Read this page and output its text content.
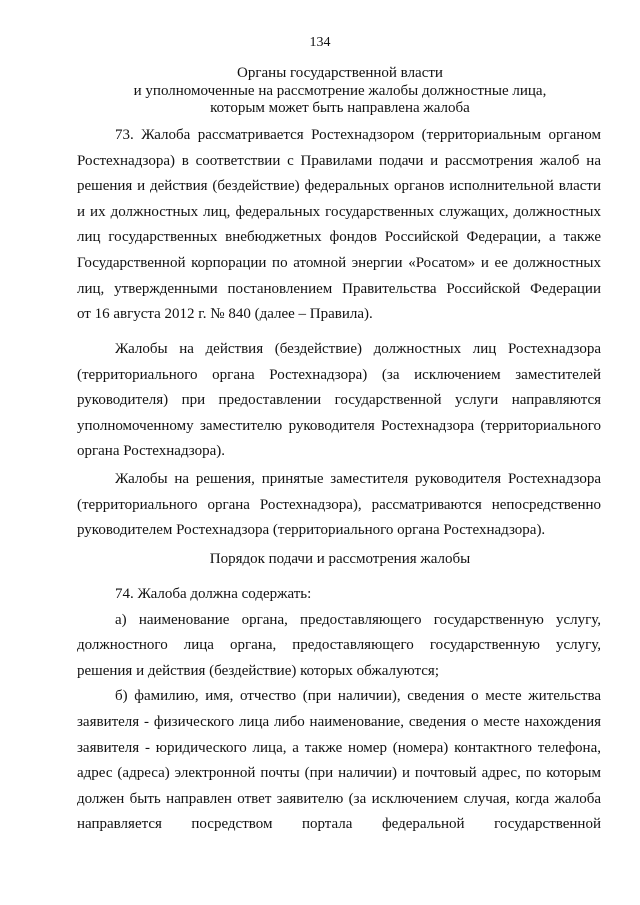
134
Органы государственной власти
и уполномоченные на рассмотрение жалобы должностные лица,
которым может быть направлена жалоба
73. Жалоба рассматривается Ростехнадзором (территориальным органом
Ростехнадзора) в соответствии с Правилами подачи и рассмотрения жалоб на
решения и действия (бездействие) федеральных органов исполнительной власти
и их должностных лиц, федеральных государственных служащих, должностных
лиц государственных внебюджетных фондов Российской Федерации, а также
Государственной корпорации по атомной энергии «Росатом» и ее должностных
лиц, утвержденными постановлением Правительства Российской Федерации
от 16 августа 2012 г. № 840 (далее – Правила).
Жалобы на действия (бездействие) должностных лиц Ростехнадзора
(территориального органа Ростехнадзора) (за исключением заместителей
руководителя) при предоставлении государственной услуги направляются
уполномоченному заместителю руководителя Ростехнадзора (территориального
органа Ростехнадзора).
Жалобы на решения, принятые заместителя руководителя Ростехнадзора
(территориального органа Ростехнадзора), рассматриваются непосредственно
руководителем Ростехнадзора (территориального органа Ростехнадзора).
Порядок подачи и рассмотрения жалобы
74. Жалоба должна содержать:
а) наименование органа, предоставляющего государственную услугу,
должностного лица органа, предоставляющего государственную услугу,
решения и действия (бездействие) которых обжалуются;
б) фамилию, имя, отчество (при наличии), сведения о месте жительства
заявителя - физического лица либо наименование, сведения о месте нахождения
заявителя - юридического лица, а также номер (номера) контактного телефона,
адрес (адреса) электронной почты (при наличии) и почтовый адрес, по которым
должен быть направлен ответ заявителю (за исключением случая, когда жалоба
направляется посредством портала федеральной государственной
